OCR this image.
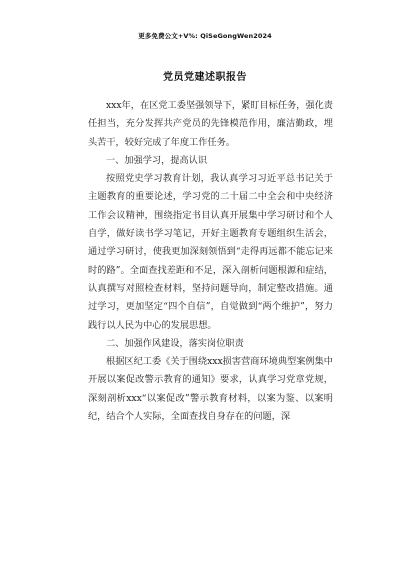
更多免费公文+V%: QiSeGongWen2024
党员党建述职报告

xxx年，在区党工委坚强领导下，紧盯目标任务，强化责任担当，充分发挥共产党员的先锋模范作用，廉洁勤政，埋头苦干，较好完成了年度工作任务。

一、加强学习，提高认识

按照党史学习教育计划，我认真学习习近平总书记关于主题教育的重要论述，学习党的二十届二中全会和中央经济工作会议精神，围绕指定书目认真开展集中学习研讨和个人自学，做好读书学习笔记，开好主题教育专题组织生活会，通过学习研讨，使我更加深刻领悟到“走得再远都不能忘记来时的路”。全面查找差距和不足，深入剖析问题根源和症结，认真撰写对照检查材料，坚持问题导向，制定整改措施。通过学习，更加坚定“四个自信”，自觉做到“两个维护”，努力践行以人民为中心的发展思想。

二、加强作风建设，落实岗位职责

根据区纪工委《关于围绕xxx损害营商环境典型案例集中开展以案促改警示教育的通知》要求，认真学习党章党规，深刻剖析xxx“以案促改”警示教育材料，以案为鉴、以案明纪，结合个人实际，全面查找自身存在的问题，深
